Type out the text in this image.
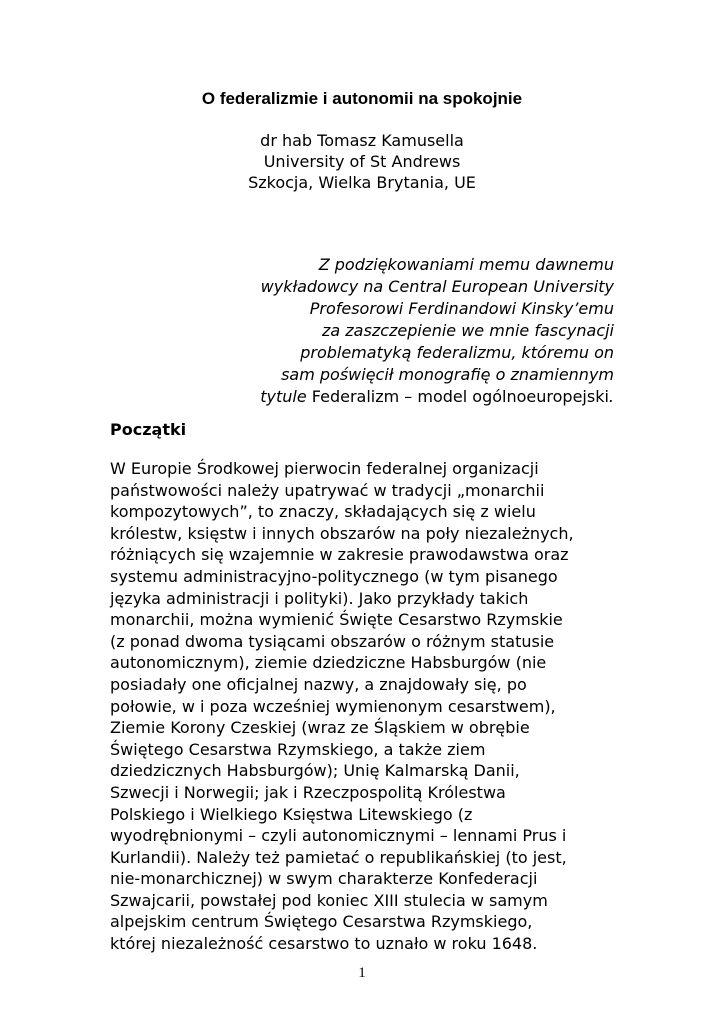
O federalizmie i autonomii na spokojnie
dr hab Tomasz Kamusella
University of St Andrews
Szkocja, Wielka Brytania, UE
Z podziękowaniami memu dawnemu
wykładowcy na Central European University
Profesorowi Ferdinandowi Kinsky’emu
za zaszczepienie we mnie fascynacji
problematyką federalizmu, któremu on
sam poświęcił monografię o znamiennym
tytule Federalizm – model ogólnoeuropejski.
Początki
W Europie Środkowej pierwocin federalnej organizacji
państwowości należy upatrywać w tradycji „monarchii
kompozytowych”, to znaczy, składających się z wielu
królestw, księstw i innych obszarów na poły niezależnych,
różniących się wzajemnie w zakresie prawodawstwa oraz
systemu administracyjno-politycznego (w tym pisanego
języka administracji i polityki). Jako przykłady takich
monarchii, można wymienić Święte Cesarstwo Rzymskie
(z ponad dwoma tysiącami obszarów o różnym statusie
autonomicznym), ziemie dziedziczne Habsburgów (nie
posiadały one oficjalnej nazwy, a znajdowały się, po
połowie, w i poza wcześniej wymienonym cesarstwem),
Ziemie Korony Czeskiej (wraz ze Śląskiem w obrębie
Świętego Cesarstwa Rzymskiego, a także ziem
dziedzicznych Habsburgów); Unię Kalmarską Danii,
Szwecji i Norwegii; jak i Rzeczpospolitą Królestwa
Polskiego i Wielkiego Księstwa Litewskiego (z
wyodrębnionymi – czyli autonomicznymi – lennami Prus i
Kurlandii). Należy też pamietać o republikańskiej (to jest,
nie-monarchicznej) w swym charakterze Konfederacji
Szwajcarii, powstałej pod koniec XIII stulecia w samym
alpejskim centrum Świętego Cesarstwa Rzymskiego,
której niezależność cesarstwo to uznało w roku 1648.
1
